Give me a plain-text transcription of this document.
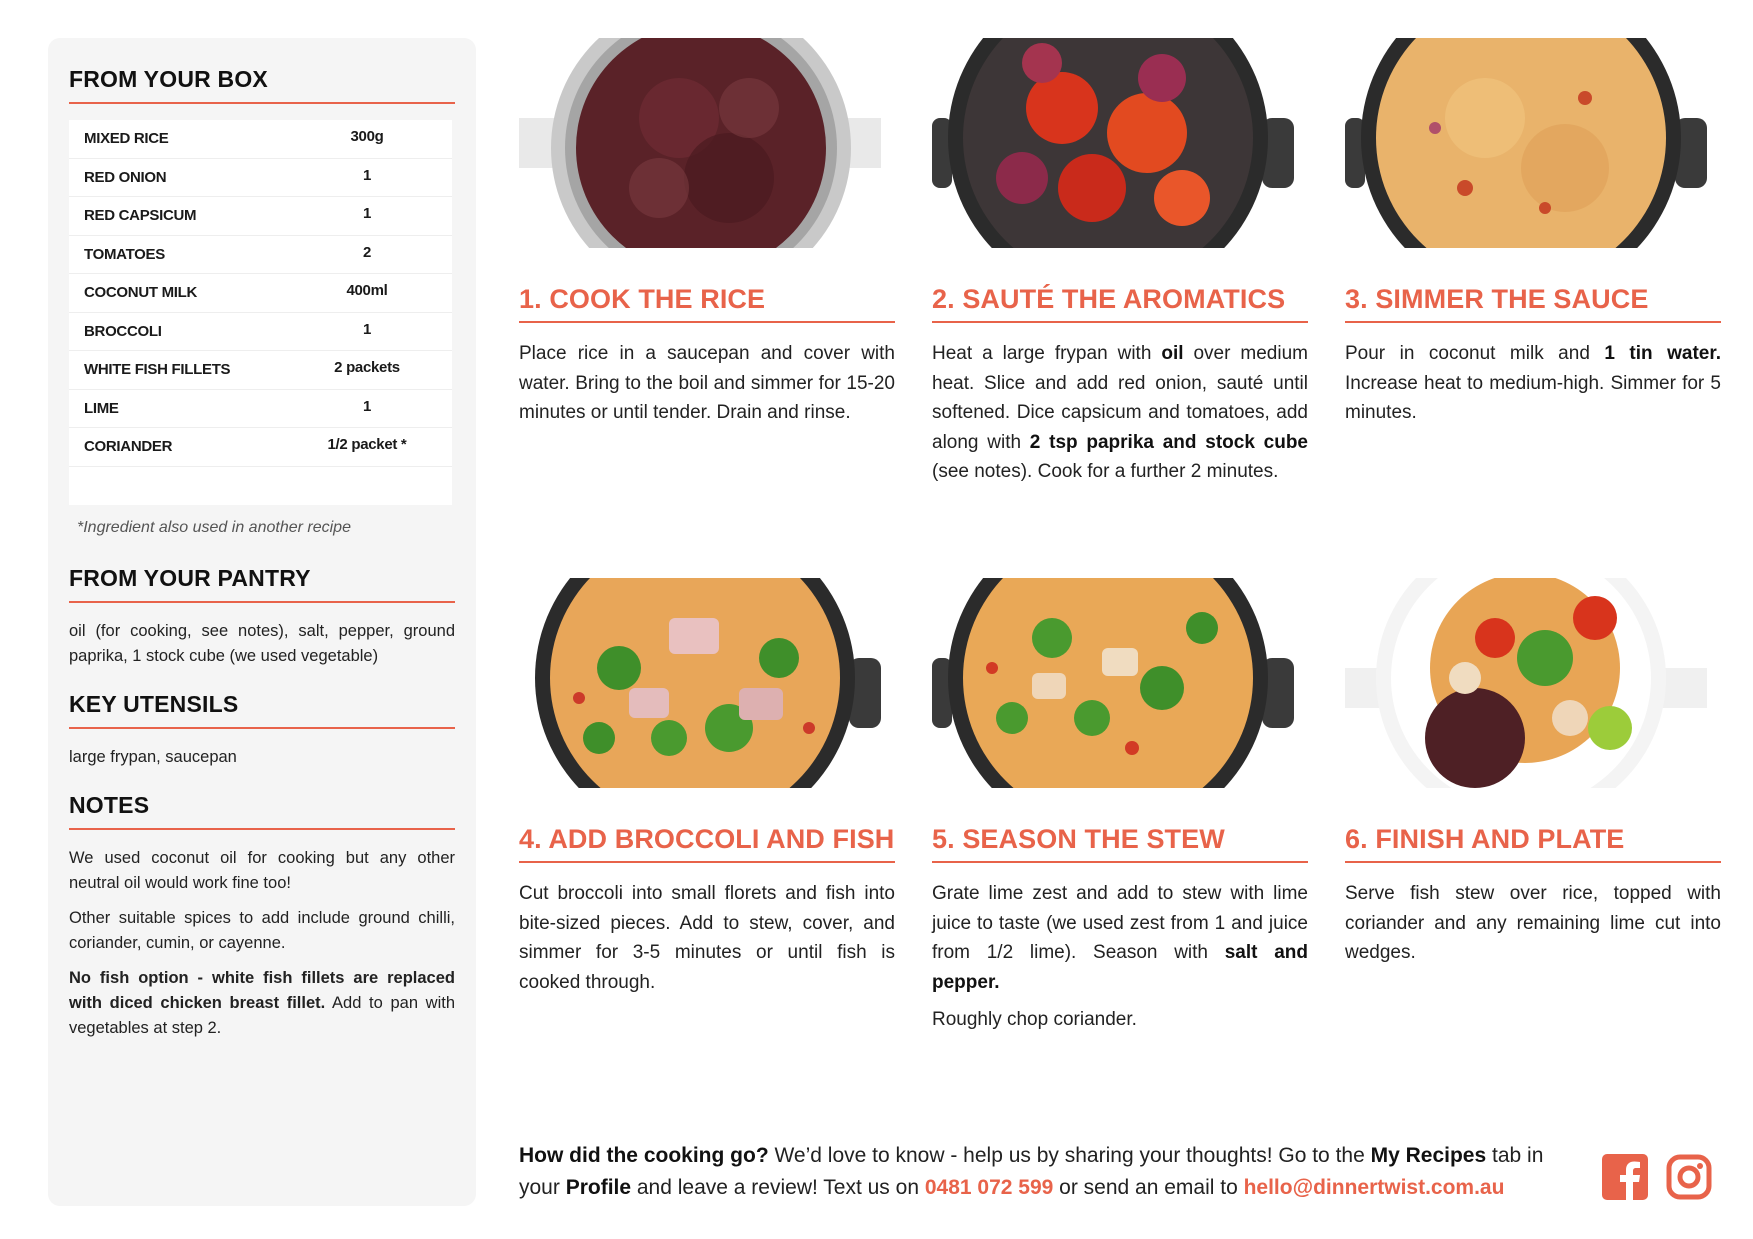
FROM YOUR BOX
MIXED RICE	300g
RED ONION	1
RED CAPSICUM	1
TOMATOES	2
COCONUT MILK	400ml
BROCCOLI	1
WHITE FISH FILLETS	2 packets
LIME	1
CORIANDER	1/2 packet *

*Ingredient also used in another recipe

FROM YOUR PANTRY

oil (for cooking, see notes), salt, pepper, ground paprika, 1 stock cube (we used vegetable)

KEY UTENSILS

large frypan, saucepan

NOTES

We used coconut oil for cooking but any other neutral oil would work fine too!

Other suitable spices to add include ground chilli, coriander, cumin, or cayenne.

No fish option - white fish fillets are replaced with diced chicken breast fillet. Add to pan with vegetables at step 2.

1. COOK THE RICE

Place rice in a saucepan and cover with water. Bring to the boil and simmer for 15-20 minutes or until tender. Drain and rinse.

2. SAUTÉ THE AROMATICS

Heat a large frypan with oil over medium heat. Slice and add red onion, sauté until softened. Dice capsicum and tomatoes, add along with 2 tsp paprika and stock cube (see notes). Cook for a further 2 minutes.

3. SIMMER THE SAUCE

Pour in coconut milk and 1 tin water. Increase heat to medium-high. Simmer for 5 minutes.

4. ADD BROCCOLI AND FISH

Cut broccoli into small florets and fish into bite-sized pieces. Add to stew, cover, and simmer for 3-5 minutes or until fish is cooked through.

5. SEASON THE STEW

Grate lime zest and add to stew with lime juice to taste (we used zest from 1 and juice from 1/2 lime). Season with salt and pepper.

Roughly chop coriander.

6. FINISH AND PLATE

Serve fish stew over rice, topped with coriander and any remaining lime cut into wedges.

How did the cooking go? We’d love to know - help us by sharing your thoughts! Go to the My Recipes tab in your Profile and leave a review! Text us on 0481 072 599 or send an email to hello@dinnertwist.com.au
